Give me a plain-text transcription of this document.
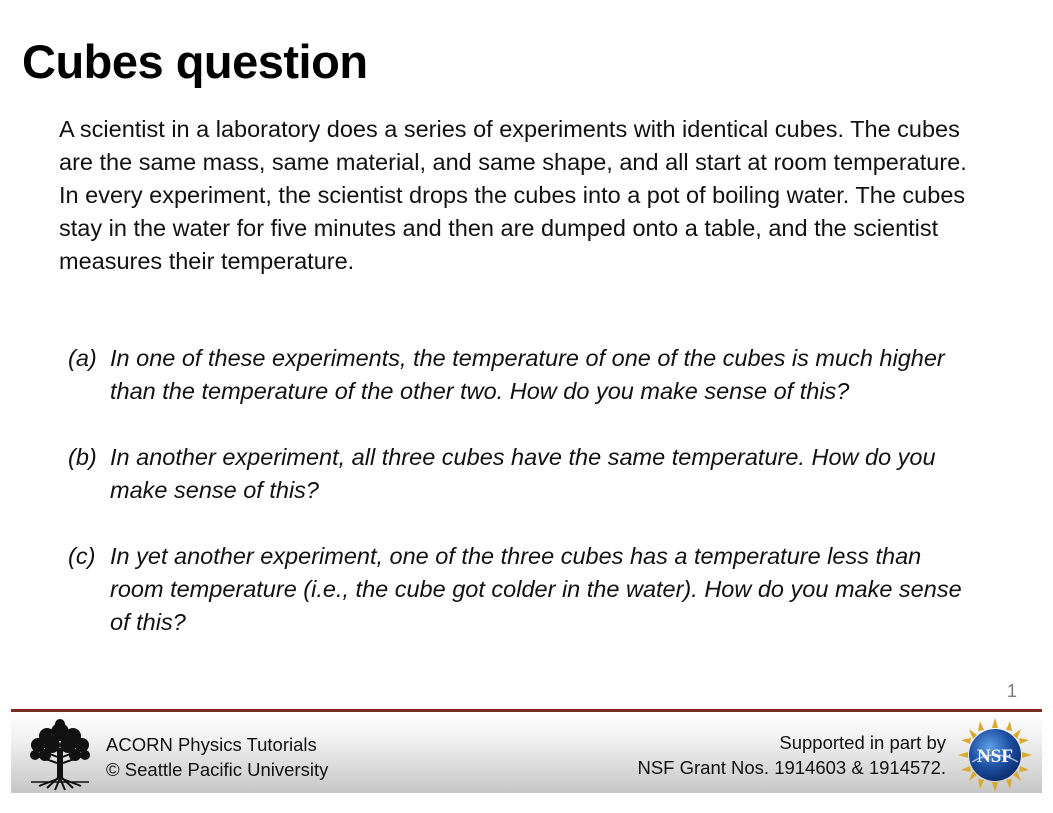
Cubes question

A scientist in a laboratory does a series of experiments with identical cubes. The cubes are the same mass, same material, and same shape, and all start at room temperature. In every experiment, the scientist drops the cubes into a pot of boiling water. The cubes stay in the water for five minutes and then are dumped onto a table, and the scientist measures their temperature.

(a) In one of these experiments, the temperature of one of the cubes is much higher than the temperature of the other two. How do you make sense of this?
(b) In another experiment, all three cubes have the same temperature. How do you make sense of this?
(c) In yet another experiment, one of the three cubes has a temperature less than room temperature (i.e., the cube got colder in the water). How do you make sense of this?
1
ACORN Physics Tutorials
© Seattle Pacific University
Supported in part by
NSF Grant Nos. 1914603 & 1914572.
NSF
